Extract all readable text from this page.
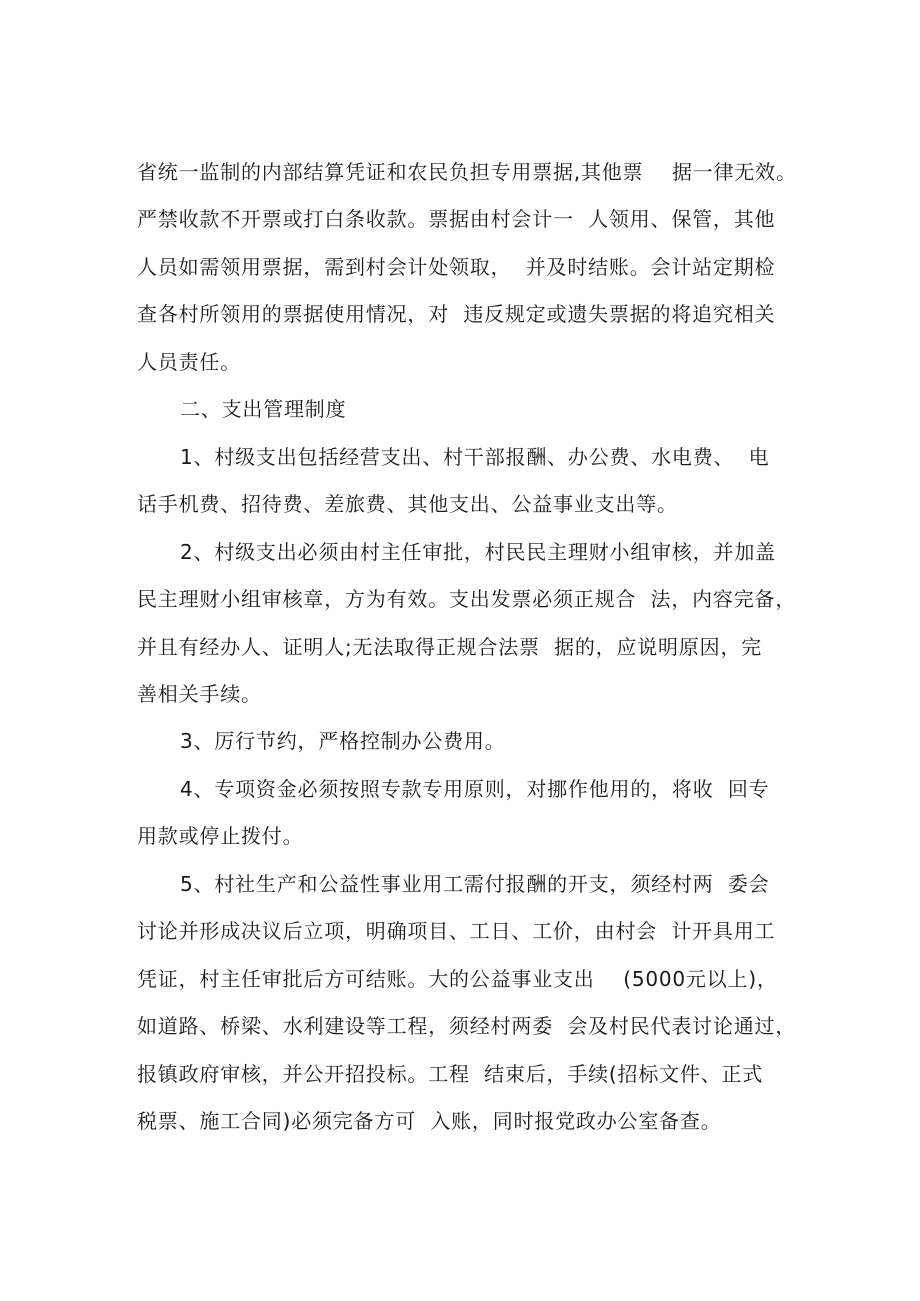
省统一监制的内部结算凭证和农民负担专用票据,其他票    据一律无效。
严禁收款不开票或打白条收款。票据由村会计一  人领用、保管，其他
人员如需领用票据，需到村会计处领取，  并及时结账。会计站定期检
查各村所领用的票据使用情况，对  违反规定或遗失票据的将追究相关
人员责任。
二、支出管理制度
1、村级支出包括经营支出、村干部报酬、办公费、水电费、  电
话手机费、招待费、差旅费、其他支出、公益事业支出等。
2、村级支出必须由村主任审批，村民民主理财小组审核，并加盖
民主理财小组审核章，方为有效。支出发票必须正规合  法，内容完备，
并且有经办人、证明人;无法取得正规合法票  据的，应说明原因，完
善相关手续。
3、厉行节约，严格控制办公费用。
4、专项资金必须按照专款专用原则，对挪作他用的，将收  回专
用款或停止拨付。
5、村社生产和公益性事业用工需付报酬的开支，须经村两  委会
讨论并形成决议后立项，明确项目、工日、工价，由村会  计开具用工
凭证，村主任审批后方可结账。大的公益事业支出    (5000元以上)，
如道路、桥梁、水利建设等工程，须经村两委  会及村民代表讨论通过，
报镇政府审核，并公开招投标。工程  结束后，手续(招标文件、正式
税票、施工合同)必须完备方可  入账，同时报党政办公室备查。
